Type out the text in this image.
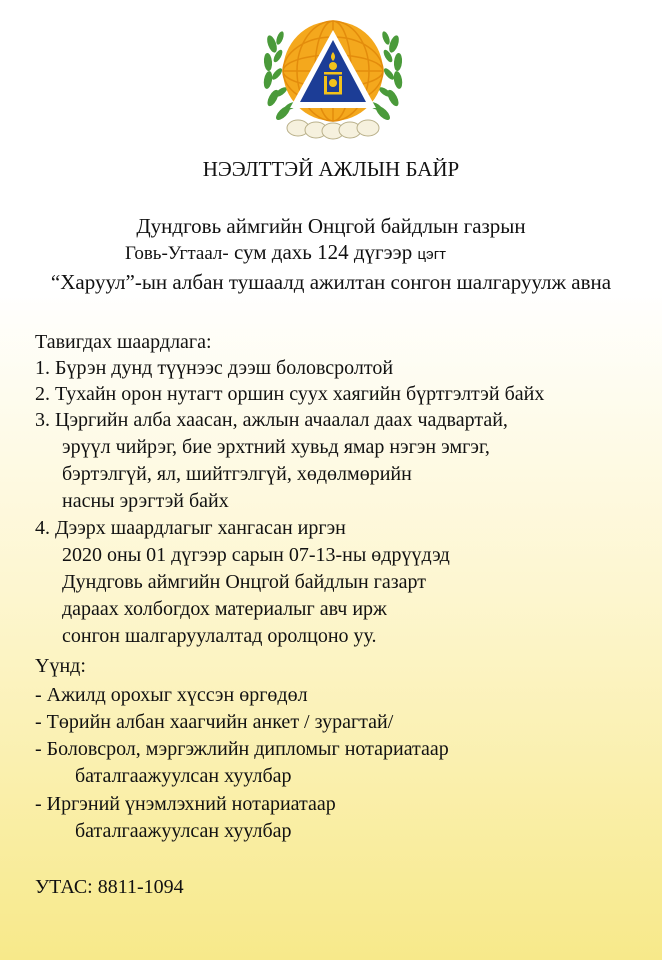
НЭЭЛТТЭЙ АЖЛЫН БАЙР
Дундговь аймгийн Онцгой байдлын газрын
Говь-Угтаал- сум дахь 124 дүгээр цэгт
“Харуул”-ын албан тушаалд ажилтан сонгон шалгаруулж авна
Тавигдах шаардлага:
1. Бүрэн дунд түүнээс дээш боловсролтой
2. Тухайн орон нутагт оршин суух хаягийн бүртгэлтэй байх
3. Цэргийн алба хаасан, ажлын ачаалал даах чадвартай,
эрүүл чийрэг, бие эрхтний хувьд ямар нэгэн эмгэг,
бэртэлгүй, ял, шийтгэлгүй, хөдөлмөрийн
насны эрэгтэй байх
4. Дээрх шаардлагыг хангасан иргэн
2020 оны 01 дүгээр сарын 07-13-ны өдрүүдэд
Дундговь аймгийн Онцгой байдлын газарт
дараах холбогдох материалыг авч ирж
сонгон шалгаруулалтад оролцоно уу.
Үүнд:
- Ажилд орохыг хүссэн өргөдөл
- Төрийн албан хаагчийн анкет / зурагтай/
- Боловсрол, мэргэжлийн дипломыг нотариатаар
баталгаажуулсан хуулбар
- Иргэний үнэмлэхний нотариатаар
баталгаажуулсан хуулбар
УТАС: 8811-1094
